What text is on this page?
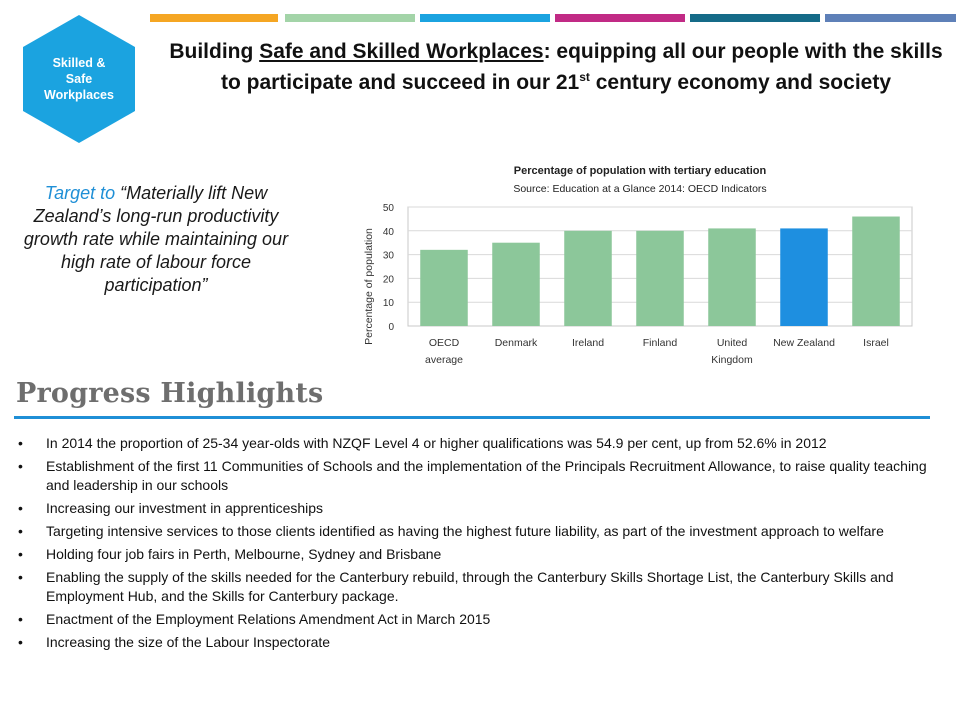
Skilled &
Safe
Workplaces
Building Safe and Skilled Workplaces: equipping all our people with the skills to participate and succeed in our 21st century economy and society
Target to “Materially lift New Zealand’s long-run productivity growth rate while maintaining our high rate of labour force participation”
Percentage of population with tertiary education
Source: Education at a Glance 2014: OECD Indicators
0
10
20
30
40
50
Percentage of population	OECD
average
Denmark	Ireland	Finland	United
Kingdom
New Zealand	Israel
Progress Highlights
• In 2014 the proportion of 25-34 year-olds with NZQF Level 4 or higher qualifications was 54.9 per cent, up from 52.6% in 2012
• Establishment of the first 11 Communities of Schools and the implementation of the Principals Recruitment Allowance, to raise quality teaching and leadership in our schools
• Increasing our investment in apprenticeships
• Targeting intensive services to those clients identified as having the highest future liability, as part of the investment approach to welfare
• Holding four job fairs in Perth, Melbourne, Sydney and Brisbane
• Enabling the supply of the skills needed for the Canterbury rebuild, through the Canterbury Skills Shortage List, the Canterbury Skills and Employment Hub, and the Skills for Canterbury package.
• Enactment of the Employment Relations Amendment Act in March 2015
• Increasing the size of the Labour Inspectorate
